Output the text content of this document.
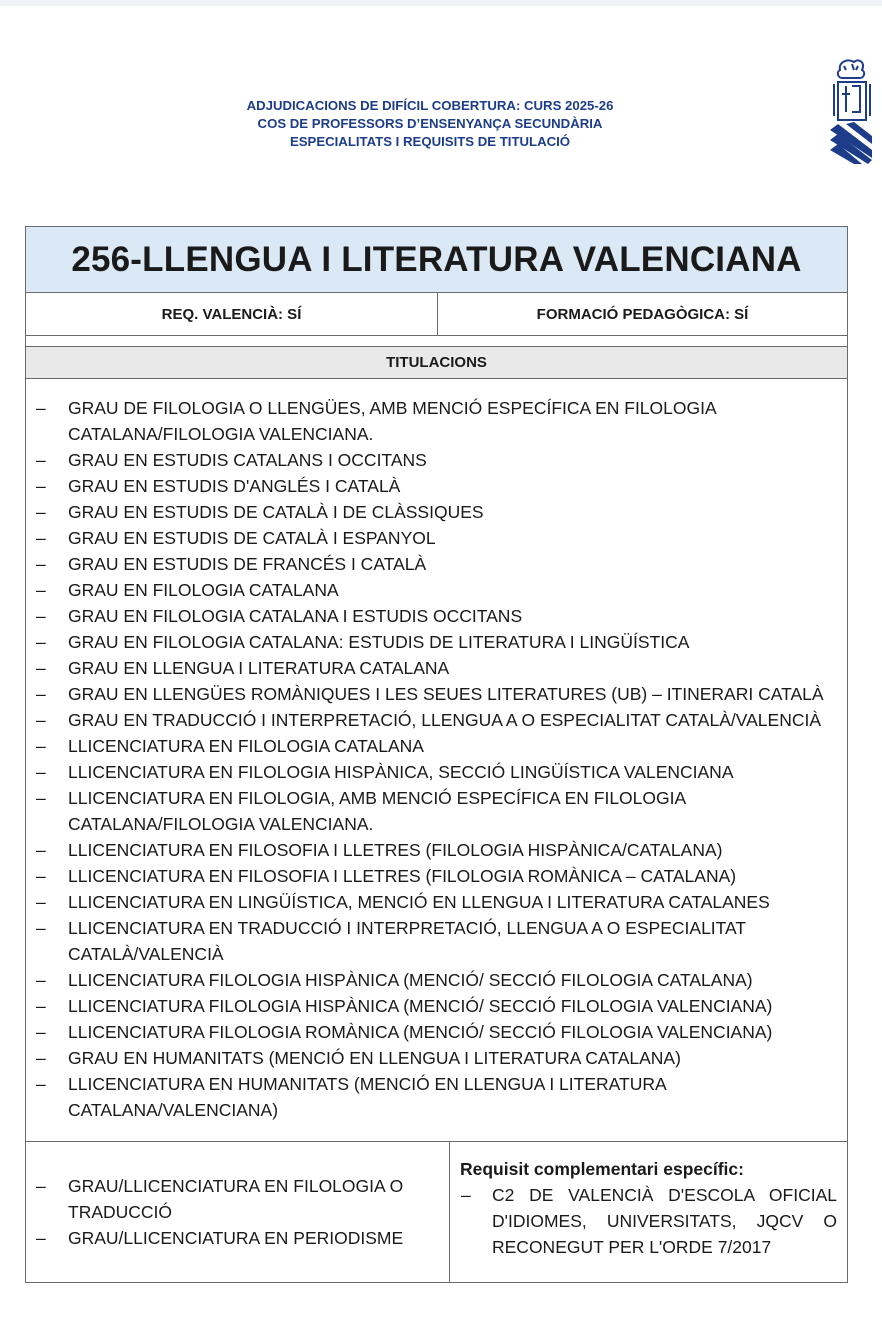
ADJUDICACIONS DE DIFÍCIL COBERTURA: CURS 2025-26
COS DE PROFESSORS D’ENSENYANÇA SECUNDÀRIA
ESPECIALITATS I REQUISITS DE TITULACIÓ
256-LLENGUA I LITERATURA VALENCIANA
REQ. VALENCIÀ: SÍ	FORMACIÓ PEDAGÒGICA: SÍ
TITULACIONS
– GRAU DE FILOLOGIA O LLENGÜES, AMB MENCIÓ ESPECÍFICA EN FILOLOGIA CATALANA/FILOLOGIA VALENCIANA.
– GRAU EN ESTUDIS CATALANS I OCCITANS
– GRAU EN ESTUDIS D'ANGLÉS I CATALÀ
– GRAU EN ESTUDIS DE CATALÀ I DE CLÀSSIQUES
– GRAU EN ESTUDIS DE CATALÀ I ESPANYOL
– GRAU EN ESTUDIS DE FRANCÉS I CATALÀ
– GRAU EN FILOLOGIA CATALANA
– GRAU EN FILOLOGIA CATALANA I ESTUDIS OCCITANS
– GRAU EN FILOLOGIA CATALANA: ESTUDIS DE LITERATURA I LINGÜÍSTICA
– GRAU EN LLENGUA I LITERATURA CATALANA
– GRAU EN LLENGÜES ROMÀNIQUES I LES SEUES LITERATURES (UB) – ITINERARI CATALÀ
– GRAU EN TRADUCCIÓ I INTERPRETACIÓ, LLENGUA A O ESPECIALITAT CATALÀ/VALENCIÀ
– LLICENCIATURA EN FILOLOGIA CATALANA
– LLICENCIATURA EN FILOLOGIA HISPÀNICA, SECCIÓ LINGÜÍSTICA VALENCIANA
– LLICENCIATURA EN FILOLOGIA, AMB MENCIÓ ESPECÍFICA EN FILOLOGIA CATALANA/FILOLOGIA VALENCIANA.
– LLICENCIATURA EN FILOSOFIA I LLETRES (FILOLOGIA HISPÀNICA/CATALANA)
– LLICENCIATURA EN FILOSOFIA I LLETRES (FILOLOGIA ROMÀNICA – CATALANA)
– LLICENCIATURA EN LINGÜÍSTICA, MENCIÓ EN LLENGUA I LITERATURA CATALANES
– LLICENCIATURA EN TRADUCCIÓ I INTERPRETACIÓ, LLENGUA A O ESPECIALITAT CATALÀ/VALENCIÀ
– LLICENCIATURA FILOLOGIA HISPÀNICA (MENCIÓ/ SECCIÓ FILOLOGIA CATALANA)
– LLICENCIATURA FILOLOGIA HISPÀNICA (MENCIÓ/ SECCIÓ FILOLOGIA VALENCIANA)
– LLICENCIATURA FILOLOGIA ROMÀNICA (MENCIÓ/ SECCIÓ FILOLOGIA VALENCIANA)
– GRAU EN HUMANITATS (MENCIÓ EN LLENGUA I LITERATURA CATALANA)
– LLICENCIATURA EN HUMANITATS (MENCIÓ EN LLENGUA I LITERATURA CATALANA/VALENCIANA)
– GRAU/LLICENCIATURA EN FILOLOGIA O TRADUCCIÓ
– GRAU/LLICENCIATURA EN PERIODISME
Requisit complementari específic:
– C2 DE VALENCIÀ D'ESCOLA OFICIAL D'IDIOMES, UNIVERSITATS, JQCV O RECONEGUT PER L'ORDE 7/2017
